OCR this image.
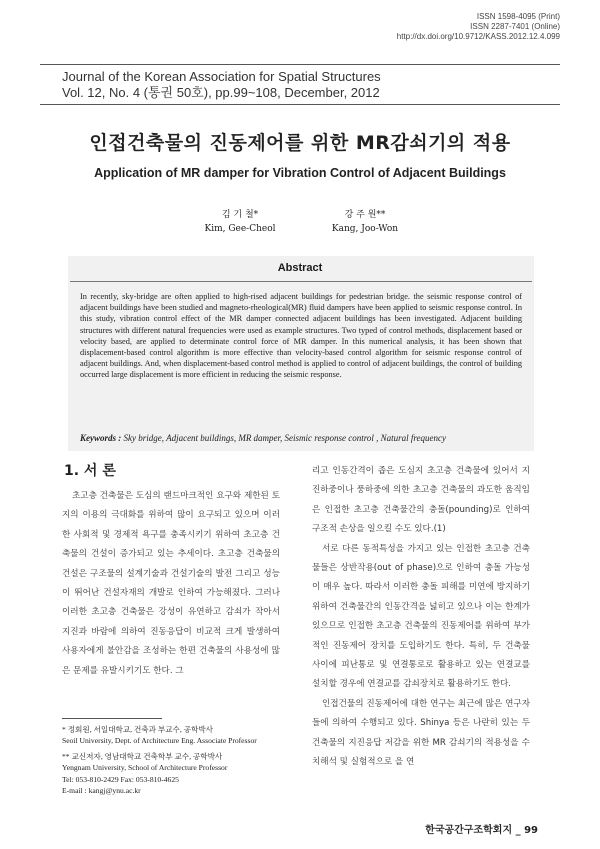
ISSN 1598-4095 (Print)
ISSN 2287-7401 (Online)
http://dx.doi.org/10.9712/KASS.2012.12.4.099
Journal of the Korean Association for Spatial Structures
Vol. 12, No. 4 (통권 50호), pp.99~108, December, 2012
인접건축물의 진동제어를 위한 MR감쇠기의 적용
Application of MR damper for Vibration Control of Adjacent Buildings
김 기 철*
Kim, Gee-Cheol
강 주 원**
Kang, Joo-Won
Abstract
In recently, sky-bridge are often applied to high-rised adjacent buildings for pedestrian bridge. the seismic response control of adjacent buildings have been studied and magneto-rheological(MR) fluid dampers have been applied to seismic response control. In this study, vibration control effect of the MR damper connected adjacent buildings has been investigated. Adjacent building structures with different natural frequencies were used as example structures. Two typed of control methods, displacement based or velocity based, are applied to determinate control force of MR damper. In this numerical analysis, it has been shown that displacement-based control algorithm is more effective than velocity-based control algorithm for seismic response control of adjacent buildings. And, when displacement-based control method is applied to control of adjacent buildings, the control of building occurred large displacement is more efficient in reducing the seismic response.
Keywords : Sky bridge, Adjacent buildings, MR damper, Seismic response control , Natural frequency
1. 서 론

초고층 건축물은 도심의 랜드마크적인 요구와 제한된 토지의 이용의 극대화를 위하여 많이 요구되고 있으며 이러한 사회적 및 경제적 욕구를 충족시키기 위하여 초고층 건축물의 건설이 증가되고 있는 추세이다. 초고층 건축물의 건설은 구조물의 설계기술과 건설기술의 발전 그리고 성능이 뛰어난 건설자재의 개발로 인하여 가능해졌다. 그러나 이러한 초고층 건축물은 강성이 유연하고 감쇠가 작아서 지진과 바람에 의하여 진동응답이 비교적 크게 발생하여 사용자에게 불안감을 조성하는 한편 건축물의 사용성에 많은 문제를 유발시키기도 한다. 그

리고 인동간격이 좁은 도심지 초고층 건축물에 있어서 지진하중이나 풍하중에 의한 초고층 건축물의 과도한 움직임은 인접한 초고층 건축물간의 충돌(pounding)로 인하여 구조적 손상을 일으킬 수도 있다.(1)

서로 다른 동적특성을 가지고 있는 인접한 초고층 건축물들은 상반작용(out of phase)으로 인하여 충돌 가능성이 매우 높다. 따라서 이러한 충돌 피해를 미연에 방지하기 위하여 건축물간의 인동간격을 넓히고 있으나 이는 한계가 있으므로 인접한 초고층 건축물의 진동제어를 위하여 부가적인 진동제어 장치를 도입하기도 한다. 특히, 두 건축물 사이에 피난통로 및 연결통로로 활용하고 있는 연결교를 설치할 경우에 연결교를 감쇠장치로 활용하기도 한다.

인접건물의 진동제어에 대한 연구는 최근에 많은 연구자들에 의하여 수행되고 있다. Shinya 등은 나란히 있는 두 건축물의 지진응답 저감을 위한 MR 감쇠기의 적용성을 수치해석 및 실험적으로 을 연

* 정회원, 서일대학교, 건축과 부교수, 공학박사
Seoil University, Dept. of Architecture Eng. Associate Professor
** 교신저자, 영남대학교 건축학부 교수, 공학박사
Yengnam University, School of Architecture Professor
Tel: 053-810-2429 Fax: 053-810-4625
E-mail : kangj@ynu.ac.kr
한국공간구조학회지 _ 99
